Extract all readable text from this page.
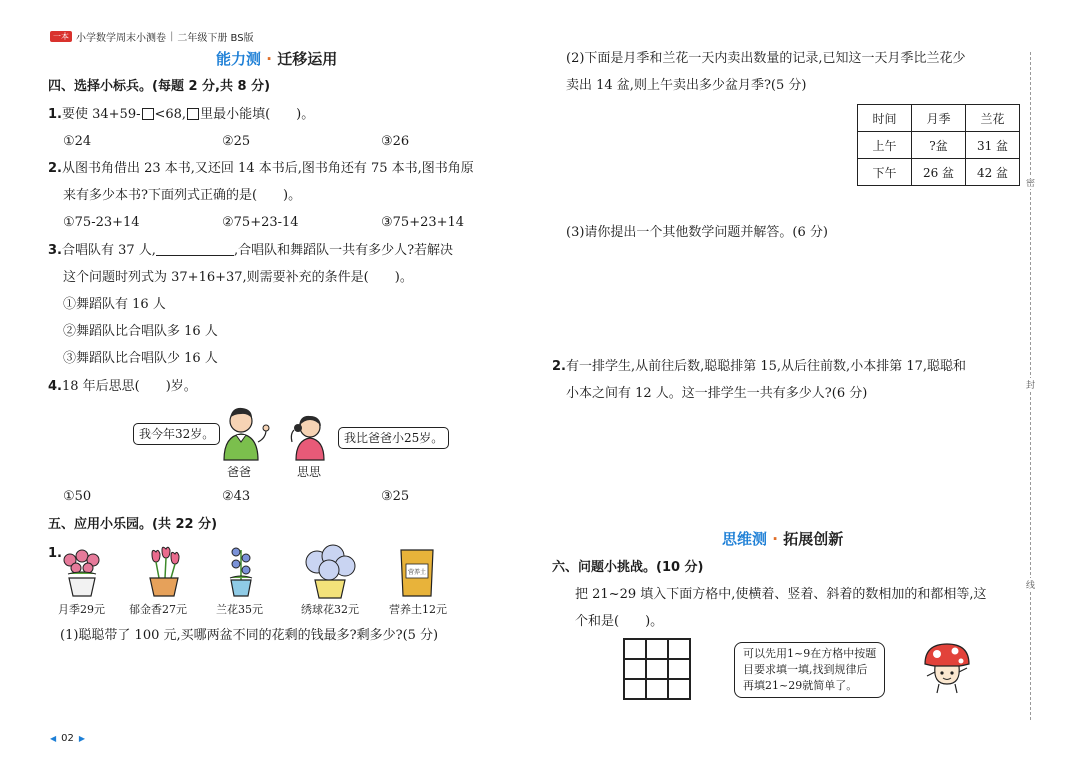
一本 小学数学周末小测卷 | 二年级下册 BS版
能力测 · 迁移运用
四、选择小标兵。(每题 2 分,共 8 分)
1.要使 34+59- <68, 里最小能填(　　)。
①24	②25	③26
2.从图书角借出 23 本书,又还回 14 本书后,图书角还有 75 本书,图书角原
来有多少本书?下面列式正确的是(　　)。
①75-23+14	②75+23-14	③75+23+14
3.合唱队有 37 人,	,合唱队和舞蹈队一共有多少人?若解决
这个问题时列式为 37+16+37,则需要补充的条件是(　　)。
①舞蹈队有 16 人
②舞蹈队比合唱队多 16 人
③舞蹈队比合唱队少 16 人
4.18 年后思思(　　)岁。
我今年32岁。	我比爸爸小25岁。
爸爸	思思
①50	②43	③25
五、应用小乐园。(共 22 分)
1.
营养土
月季29元 郁金香27元	兰花35元	绣球花32元	营养土12元
(1)聪聪带了 100 元,买哪两盆不同的花剩的钱最多?剩多少?(5 分)
◀ 02 ▶
(2)下面是月季和兰花一天内卖出数量的记录,已知这一天月季比兰花少
卖出 14 盆,则上午卖出多少盆月季?(5 分)
时间	月季	兰花
上午	?盆	31 盆
下午	26 盆	42 盆
(3)请你提出一个其他数学问题并解答。(6 分)
2.有一排学生,从前往后数,聪聪排第 15,从后往前数,小本排第 17,聪聪和
小本之间有 12 人。这一排学生一共有多少人?(6 分)
思维测 · 拓展创新
六、问题小挑战。(10 分)
把 21~29 填入下面方格中,使横着、竖着、斜着的数相加的和都相等,这
个和是(　　)。
可以先用1~9在方格中按题
目要求填一填,找到规律后
再填21~29就简单了。
密
封
线
